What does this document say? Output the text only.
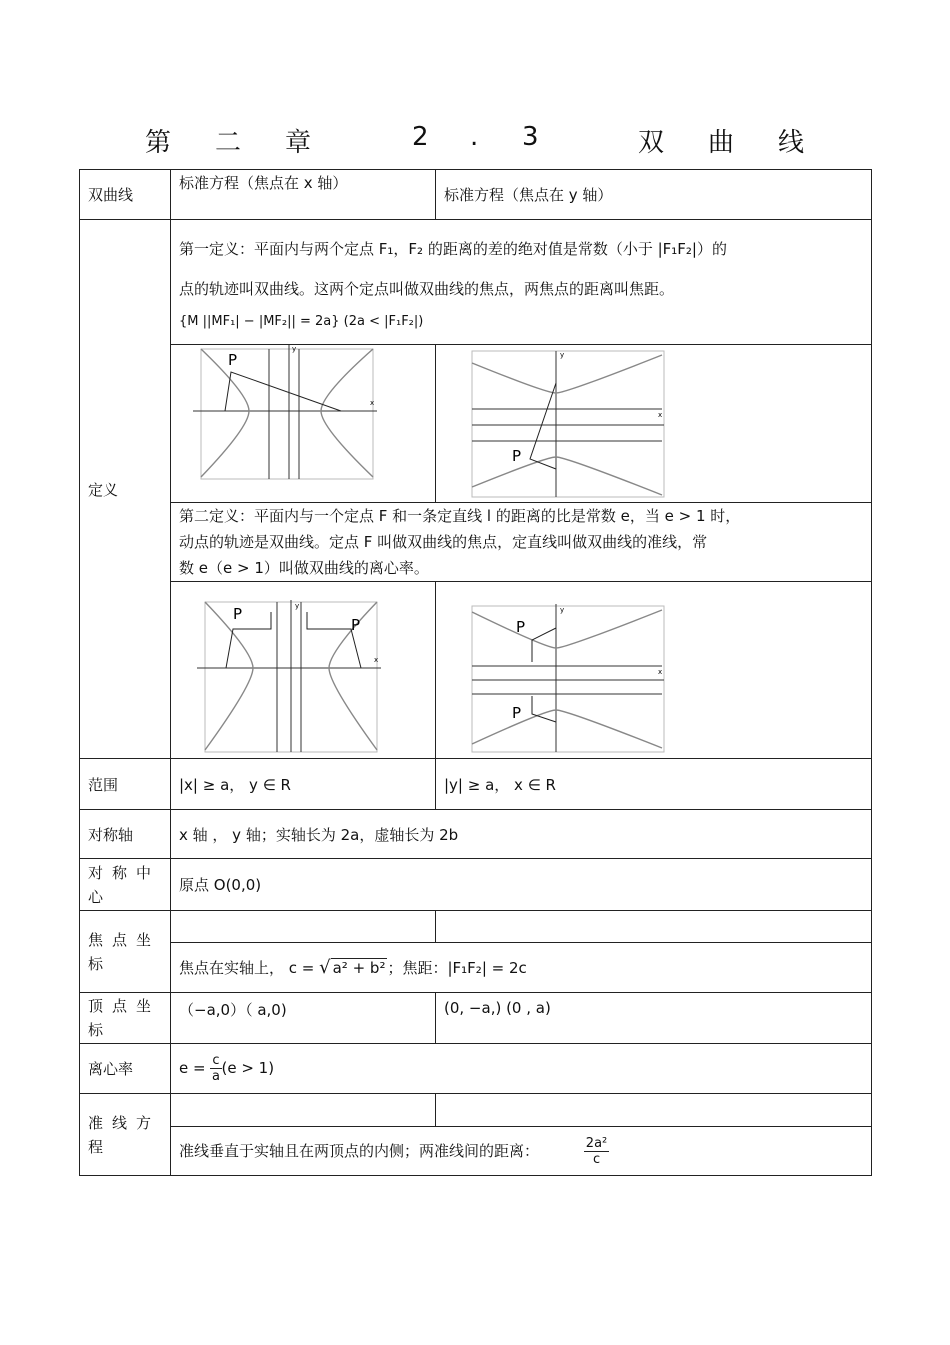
第 二 章	2 . 3	双 曲 线
双曲线	标准方程（焦点在 x 轴）	标准方程（焦点在 y 轴）
定义	第一定义：平面内与两个定点 F₁，F₂ 的距离的差的绝对值是常数（小于 |F₁F₂|）的
点的轨迹叫双曲线。这两个定点叫做双曲线的焦点，两焦点的距离叫焦距。
{M ||MF₁| − |MF₂|| = 2a} (2a < |F₁F₂|)	

P
x
y	P
x
y

	第二定义：平面内与一个定点 F 和一条定直线 l 的距离的比是常数 e，当 e > 1 时，
动点的轨迹是双曲线。定点 F 叫做双曲线的焦点，定直线叫做双曲线的准线，常
数 e（e > 1）叫做双曲线的离心率。	

P
P
x
y	P
P
x
y

范围	|x| ≥ a， y ∈ R	|y| ≥ a， x ∈ R
对称轴	x 轴 ， y 轴；实轴长为 2a，虚轴长为 2b	
对称中心	原点 O(0,0)	
焦点坐标		
	焦点在实轴上， c = √ a² + b² ；焦距：|F₁F₂| = 2c	
顶点坐标	（−a,0）（ a,0)	(0, −a,) (0 , a)
离心率	$e = \frac{c}{a} (e > 1)$	
准线方程		
	准线垂直于实轴且在两顶点的内侧；两准线间的距离： $\frac{\text{2a²}}{c}$
